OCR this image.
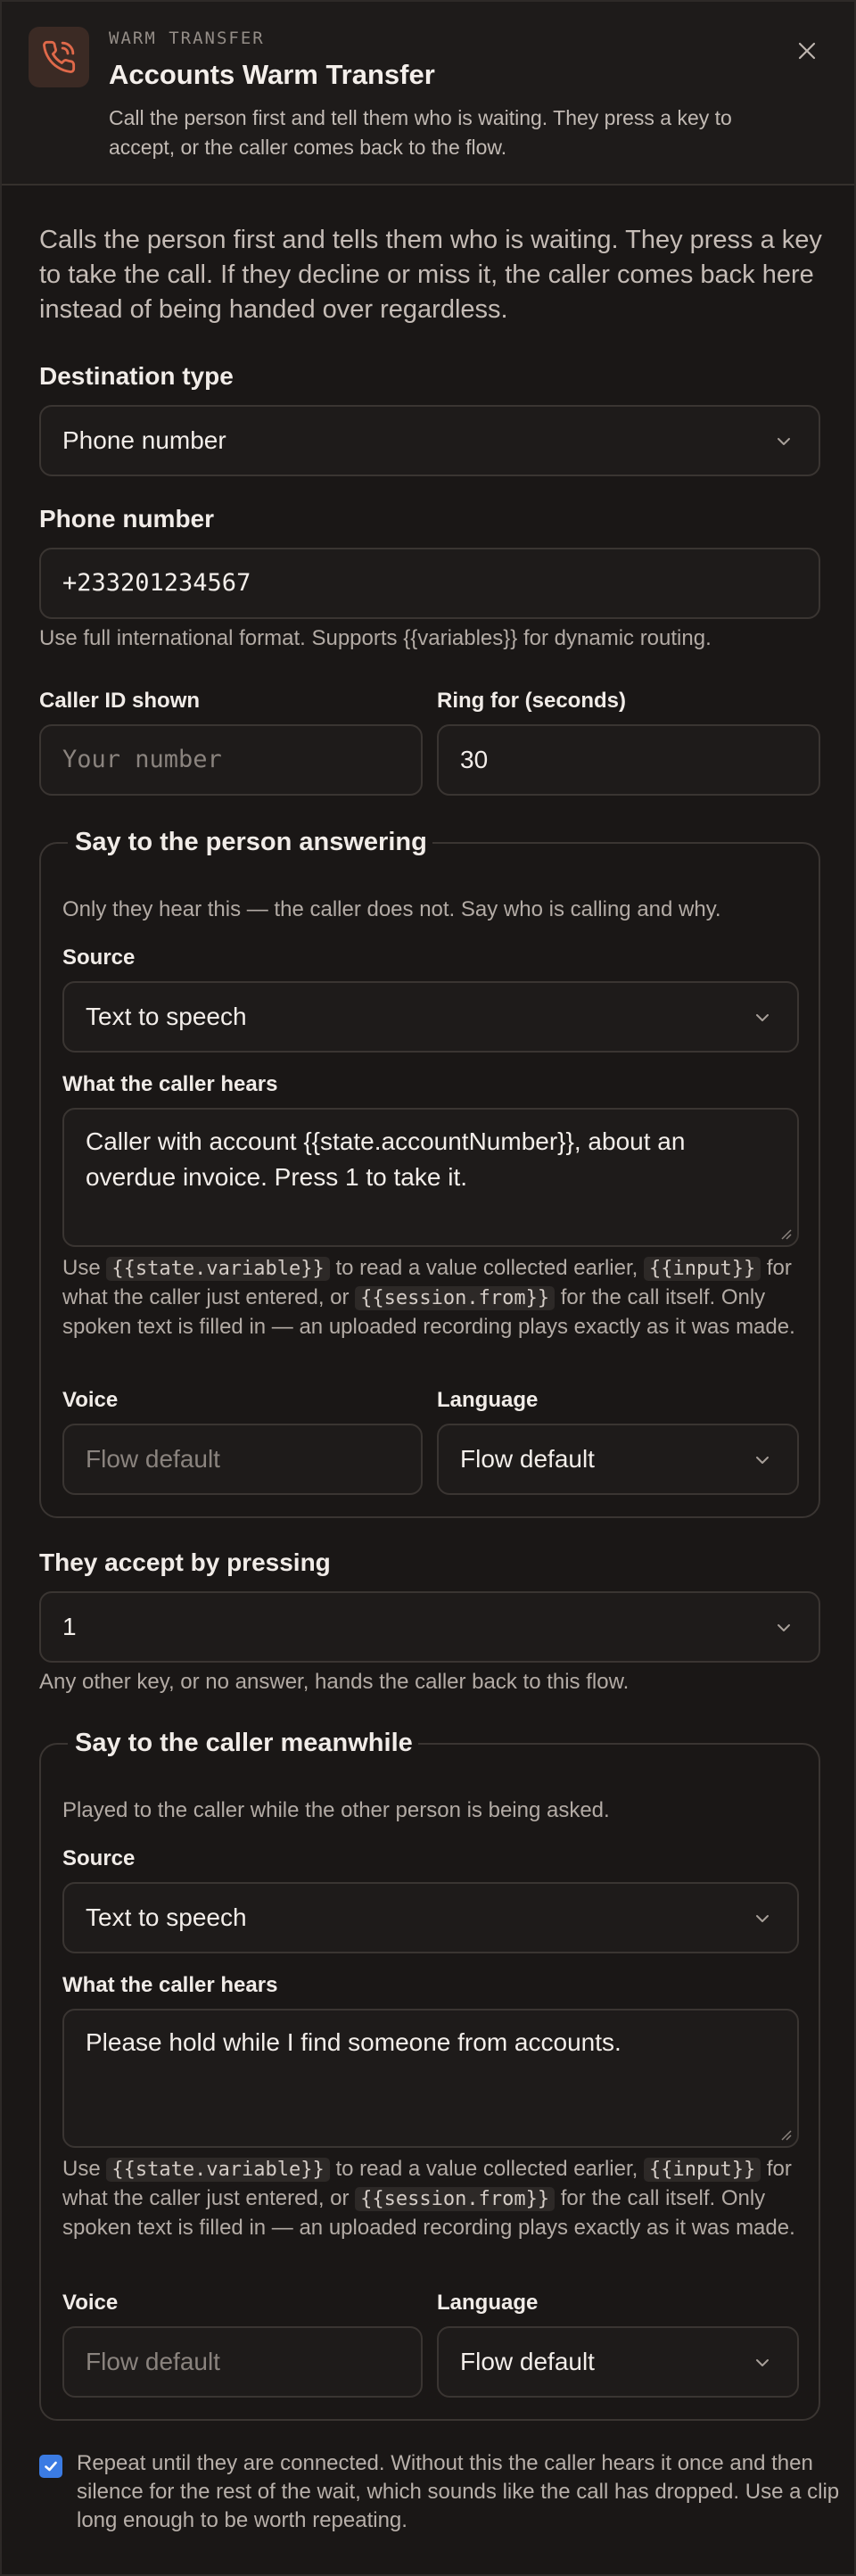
WARM TRANSFER
Accounts Warm Transfer
Call the person first and tell them who is waiting. They press a key to accept, or the caller comes back to the flow.
Calls the person first and tells them who is waiting. They press a key to take the call. If they decline or miss it, the caller comes back here instead of being handed over regardless.
Destination type
Phone number
Phone number
+233201234567
Use full international format. Supports {{variables}} for dynamic routing.
Caller ID shown
Your number
Ring for (seconds)
30
Say to the person answering
Only they hear this — the caller does not. Say who is calling and why.
Source
Text to speech
What the caller hears
Caller with account {{state.accountNumber}}, about an overdue invoice. Press 1 to take it.
Use {{state.variable}} to read a value collected earlier, {{input}} for what the caller just entered, or {{session.from}} for the call itself. Only spoken text is filled in — an uploaded recording plays exactly as it was made.
Voice
Flow default
Language
Flow default
They accept by pressing
1
Any other key, or no answer, hands the caller back to this flow.
Say to the caller meanwhile
Played to the caller while the other person is being asked.
Source
Text to speech
What the caller hears
Please hold while I find someone from accounts.
Use {{state.variable}} to read a value collected earlier, {{input}} for what the caller just entered, or {{session.from}} for the call itself. Only spoken text is filled in — an uploaded recording plays exactly as it was made.
Voice
Flow default
Language
Flow default
Repeat until they are connected. Without this the caller hears it once and then silence for the rest of the wait, which sounds like the call has dropped. Use a clip long enough to be worth repeating.
